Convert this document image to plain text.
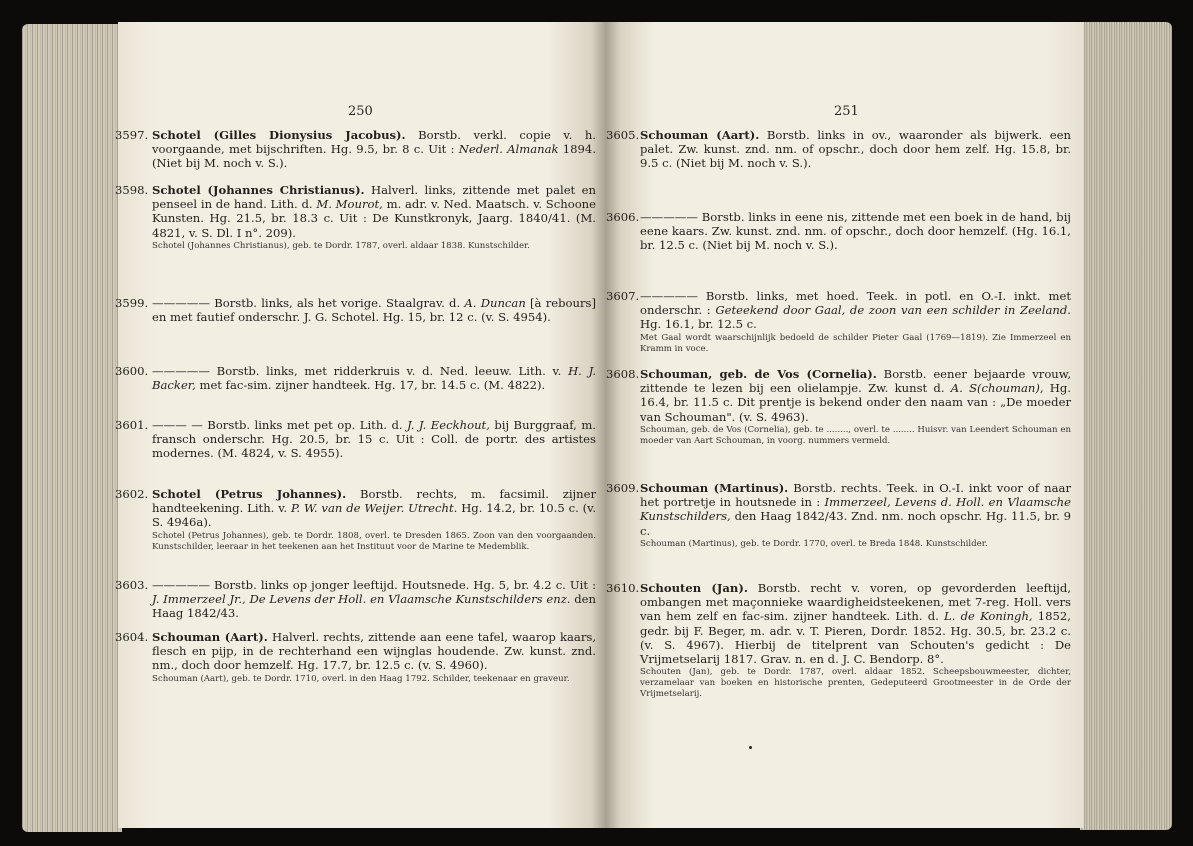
250	251
3597. Schotel (Gilles Dionysius Jacobus). Borstb. verkl. copie v. h. voorgaande, met bijschriften. Hg. 9.5, br. 8 c. Uit : Nederl. Almanak 1894. (Niet bij M. noch v. S.).
3598. Schotel (Johannes Christianus). Halverl. links, zittende met palet en penseel in de hand. Lith. d. M. Mourot, m. adr. v. Ned. Maatsch. v. Schoone Kunsten. Hg. 21.5, br. 18.3 c. Uit : De Kunstkronyk, Jaarg. 1840/41. (M. 4821, v. S. Dl. I n°. 209).
Schotel (Johannes Christianus), geb. te Dordr. 1787, overl. aldaar 1838. Kunstschilder.
3599. ————— Borstb. links, als het vorige. Staalgrav. d. A. Duncan [à rebours] en met fautief onderschr. J. G. Schotel. Hg. 15, br. 12 c. (v. S. 4954).
3600. ————— Borstb. links, met ridderkruis v. d. Ned. leeuw. Lith. v. H. J. Backer, met fac-sim. zijner handteek. Hg. 17, br. 14.5 c. (M. 4822).
3601. ——— — Borstb. links met pet op. Lith. d. J. J. Eeckhout, bij Burggraaf, m. fransch onderschr. Hg. 20.5, br. 15 c. Uit : Coll. de portr. des artistes modernes. (M. 4824, v. S. 4955).
3602. Schotel (Petrus Johannes). Borstb. rechts, m. facsimil. zijner handteekening. Lith. v. P. W. van de Weijer. Utrecht. Hg. 14.2, br. 10.5 c. (v. S. 4946a).
Schotel (Petrus Johannes), geb. te Dordr. 1808, overl. te Dresden 1865. Zoon van den voorgaanden. Kunstschilder, leeraar in het teekenen aan het Instituut voor de Marine te Medemblik.
3603. ————— Borstb. links op jonger leeftijd. Houtsnede. Hg. 5, br. 4.2 c. Uit : J. Immerzeel Jr., De Levens der Holl. en Vlaamsche Kunstschilders enz. den Haag 1842/43.
3604. Schouman (Aart). Halverl. rechts, zittende aan eene tafel, waarop kaars, flesch en pijp, in de rechterhand een wijnglas houdende. Zw. kunst. znd. nm., doch door hemzelf. Hg. 17.7, br. 12.5 c. (v. S. 4960).
Schouman (Aart), geb. te Dordr. 1710, overl. in den Haag 1792. Schilder, teekenaar en graveur.
3605. Schouman (Aart). Borstb. links in ov., waaronder als bijwerk. een palet. Zw. kunst. znd. nm. of opschr., doch door hem zelf. Hg. 15.8, br. 9.5 c. (Niet bij M. noch v. S.).
3606. ————— Borstb. links in eene nis, zittende met een boek in de hand, bij eene kaars. Zw. kunst. znd. nm. of opschr., doch door hemzelf. (Hg. 16.1, br. 12.5 c. (Niet bij M. noch v. S.).
3607. ————— Borstb. links, met hoed. Teek. in potl. en O.-I. inkt. met onderschr. : Geteekend door Gaal, de zoon van een schilder in Zeeland. Hg. 16.1, br. 12.5 c.
Met Gaal wordt waarschijnlijk bedoeld de schilder Pieter Gaal (1769—1819). Zie Immerzeel en Kramm in voce.
3608. Schouman, geb. de Vos (Cornelia). Borstb. eener bejaarde vrouw, zittende te lezen bij een olielampje. Zw. kunst d. A. S(chouman), Hg. 16.4, br. 11.5 c. Dit prentje is bekend onder den naam van : „De moeder van Schouman". (v. S. 4963).
Schouman, geb. de Vos (Cornelia), geb. te ........, overl. te ........ Huisvr. van Leendert Schouman en moeder van Aart Schouman, in voorg. nummers vermeld.
3609. Schouman (Martinus). Borstb. rechts. Teek. in O.-I. inkt voor of naar het portretje in houtsnede in : Immerzeel, Levens d. Holl. en Vlaamsche Kunstschilders, den Haag 1842/43. Znd. nm. noch opschr. Hg. 11.5, br. 9 c.
Schouman (Martinus), geb. te Dordr. 1770, overl. te Breda 1848. Kunstschilder.
3610. Schouten (Jan). Borstb. recht v. voren, op gevorderden leeftijd, ombangen met maçonnieke waardigheidsteekenen, met 7-reg. Holl. vers van hem zelf en fac-sim. zijner handteek. Lith. d. L. de Koningh, 1852, gedr. bij F. Beger, m. adr. v. T. Pieren, Dordr. 1852. Hg. 30.5, br. 23.2 c. (v. S. 4967). Hierbij de titelprent van Schouten's gedicht : De Vrijmetselarij 1817. Grav. n. en d. J. C. Bendorp. 8°.
Schouten (Jan), geb. te Dordr. 1787, overl. aldaar 1852. Scheepsbouwmeester, dichter, verzamelaar van boeken en historische prenten, Gedeputeerd Grootmeester in de Orde der Vrijmetselarij.
